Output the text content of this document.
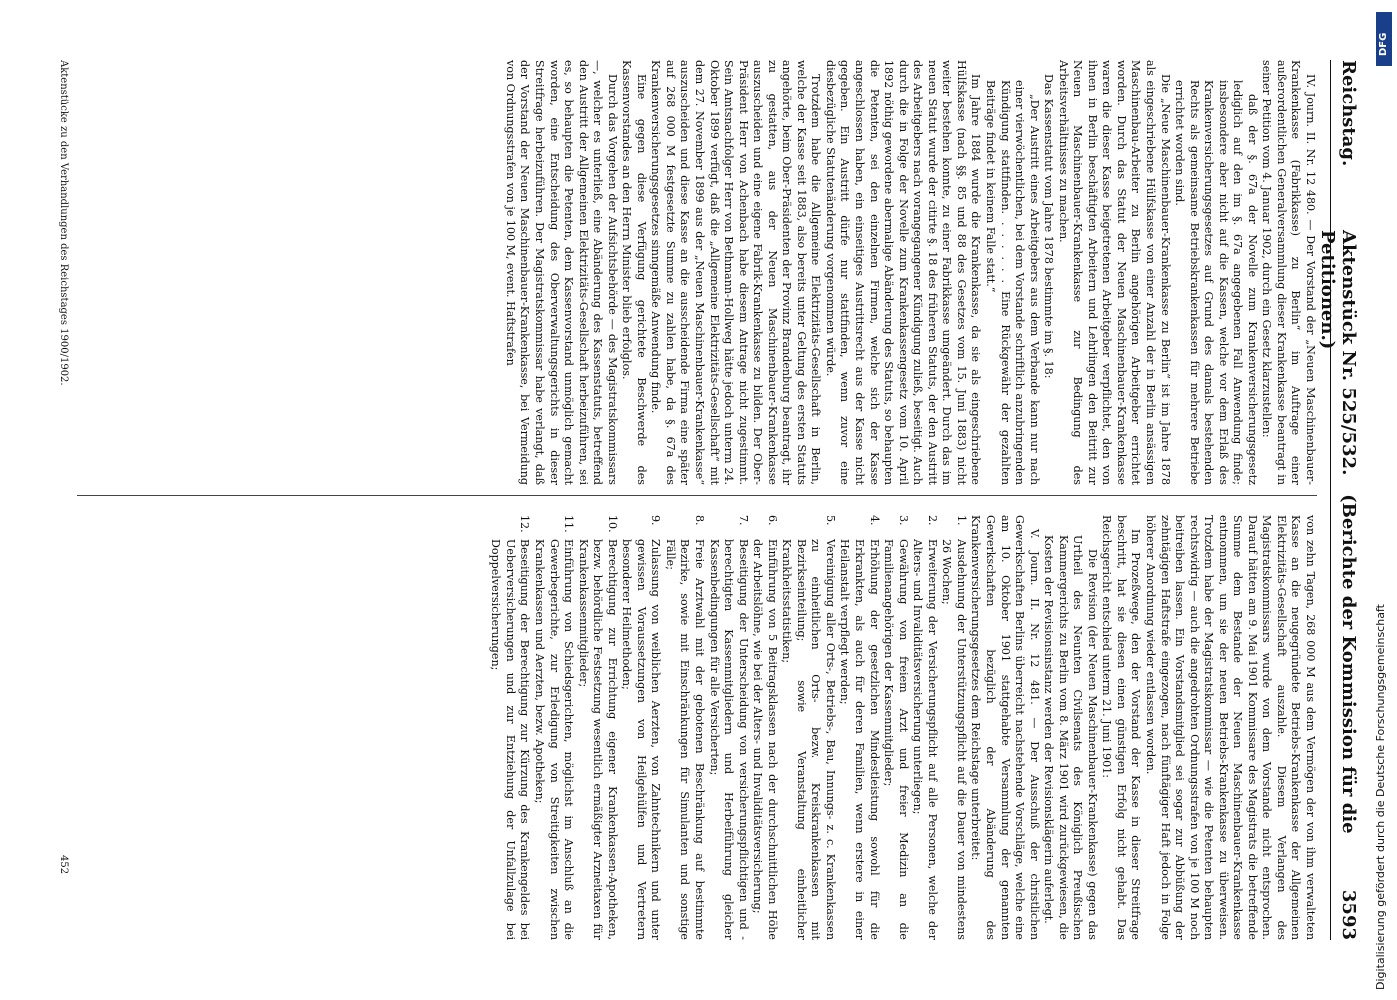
Reichstag.
Aktenstück Nr. 525/532.   (Berichte der Kommission für die Petitionen.)
3593

IV. Journ. II. Nr. 12 480. — Der Vorstand der „Neuen Maschinenbauer-Krankenkasse (Fabrikkasse) zu Berlin“ im Auftrage einer außerordentlichen Generalversammlung dieser Krankenkasse beantragt in seiner Petition vom 4. Januar 1902, durch ein Gesetz klarzustellen:

daß der §. 67a der Novelle zum Krankenversicherungsgesetz lediglich auf den im §. 67a angegebenen Fall Anwendung finde; insbesondere aber nicht auf die Kassen, welche vor dem Erlaß des Krankenversicherungsgesetzes auf Grund des damals bestehenden Rechts als gemeinsame Betriebskrankenkassen für mehrere Betriebe errichtet worden sind.

Die „Neue Maschinenbauer-Krankenkasse zu Berlin“ ist im Jahre 1878 als eingeschriebene Hülfskasse von einer Anzahl der in Berlin ansässigen Maschinenbau-Arbeiter zu Berlin angehörigen Arbeitgeber errichtet worden. Durch das Statut der Neuen Maschinenbauer-Krankenkasse waren die dieser Kasse beigetretenen Arbeitgeber verpflichtet, den von ihnen in Berlin beschäftigten Arbeitern und Lehrlingen den Beitritt zur Neuen Maschinenbauer-Krankenkasse zur Bedingung des Arbeitsverhältnisses zu machen.

Das Kassenstatut vom Jahre 1878 bestimmte im §. 18:

„Der Austritt eines Arbeitgebers aus dem Verbande kann nur nach einer vierwöchentlichen, bei dem Vorstande schriftlich anzubringenden Kündigung stattfinden. . . . . . . Eine Rückgewähr der gezahlten Beiträge findet in keinem Falle statt.“

Im Jahre 1884 wurde die Krankenkasse, da sie als eingeschriebene Hülfskasse (nach §§. 85 und 88 des Gesetzes vom 15. Juni 1883) nicht weiter bestehen konnte, zu einer Fabrikkasse umgeändert. Durch das im neuen Statut wurde der citirte §. 18 des früheren Statuts, der den Austritt des Arbeitgebers nach vorangegangener Kündigung zuließ, beseitigt. Auch durch die in Folge der Novelle zum Krankenkassengesetz vom 10. April 1892 nöthig gewordene abermalige Abänderung des Statuts, so behaupten die Petenten, sei den einzelnen Firmen, welche sich der Kasse angeschlossen haben, ein einseitiges Austrittsrecht aus der Kasse nicht gegeben. Ein Austritt dürfe nur stattfinden, wenn zuvor eine diesbezügliche Statutenänderung vorgenommen würde.

Trotzdem habe die Allgemeine Elektrizitäts-Gesellschaft in Berlin, welche der Kasse seit 1883, also bereits unter Geltung des ersten Statuts angehörte, beim Ober-Präsidenten der Provinz Brandenburg beantragt, ihr zu gestatten, aus der Neuen Maschinenbauer-Krankenkasse auszuscheiden und eine eigene Fabrik-Krankenkasse zu bilden. Der Ober-Präsident Herr von Achenbach habe diesem Antrage nicht zugestimmt. Sein Amtsnachfolger Herr von Bethmann-Hollweg hätte jedoch unterm 24. Oktober 1899 verfügt, daß die „Allgemeine Elektrizitäts-Gesellschaft“ mit dem 27. November 1899 aus der „Neuen Maschinenbauer-Krankenkasse“ auszuscheiden und diese Kasse an die ausscheidende Firma eine später auf 268 000 M festgesetzte Summe zu zahlen habe, da §. 67a des Krankenversicherungsgesetzes sinngemäße Anwendung finde.

Eine gegen diese Verfügung gerichtete Beschwerde des Kassenvorstandes an den Herrn Minister blieb erfolglos.

Durch das Vorgehen der Aufsichtsbehörde — des Magistratskommissars —, welcher es unterließ, eine Abänderung des Kassenstatuts, betreffend den Austritt der Allgemeinen Elektrizitäts-Gesellschaft herbeizuführen, sei es, so behaupten die Petenten, dem Kassenvorstand unmöglich gemacht worden, eine Entscheidung des Oberverwaltungsgerichts in dieser Streitfrage herbeizuführen. Der Magistratskommissar habe verlangt, daß der Vorstand der Neuen Maschinenbauer-Krankenkasse, bei Vermeidung von Ordnungsstrafen von je 100 M, event. Haftstrafen

von zehn Tagen, 268 000 M aus dem Vermögen der von ihm verwalteten Kasse an die neugegründete Betriebs-Krankenkasse der Allgemeinen Elektrizitäts-Gesellschaft auszahle. Diesem Verlangen des Magistratskommissars wurde von dem Vorstande nicht entsprochen. Darauf hätten am 9. Mai 1901 Kommissare des Magistrats die betreffende Summe dem Bestande der Neuen Maschinenbauer-Krankenkasse entnommen, um sie der neuen Betriebs-Krankenkasse zu überweisen. Trotzdem habe der Magistratskommissar — wie die Petenten behaupten rechtswidrig — auch die angedrohten Ordnungsstrafen von je 100 M noch beitreiben lassen. Ein Vorstandsmitglied sei sogar zur Abbüßung der zehntägigen Haftstrafe eingezogen, nach fünftägiger Haft jedoch in Folge höherer Anordnung wieder entlassen worden.

Im Prozeßwege, den der Vorstand der Kasse in dieser Streitfrage beschritt, hat sie diesen einen günstigen Erfolg nicht gehabt. Das Reichsgericht entschied unterm 21. Juni 1901:

Die Revision (der Neuen Maschinenbauer-Krankenkasse) gegen das Urtheil des Neunten Civilsenats des Königlich Preußischen Kammergerichts zu Berlin vom 8. März 1901 wird zurückgewiesen, die Kosten der Revisionsinstanz werden der Revisionsklägerin auferlegt.

V. Journ. II. Nr. 12 481. — Der Ausschuß der christlichen Gewerkschaften Berlins überreicht nachstehende Vorschläge, welche eine am 10. Oktober 1901 stattgehabte Versammlung der genannten Gewerkschaften bezüglich der Abänderung des Krankenversicherungsgesetzes dem Reichstage unterbreitet:

1.
Ausdehnung der Unterstützungspflicht auf die Dauer von mindestens 26 Wochen;
2.
Erweiterung der Versicherungspflicht auf alle Personen, welche der Alters- und Invaliditätsversicherung unterliegen;
3.
Gewährung von freiem Arzt und freier Medizin an die Familienangehörigen der Kassenmitglieder;
4.
Erhöhung der gesetzlichen Mindestleistung sowohl für die Erkrankten, als auch für deren Familien, wenn erstere in einer Heilanstalt verpflegt werden;
5.
Vereinigung aller Orts-, Betriebs-, Bau, Innungs- z. c. Krankenkassen zu einheitlichen Orts- bezw. Kreiskrankenkassen mit Bezirkseinteilung; sowie Veranstaltung einheitlicher Krankheitsstatistiken;
6.
Einführung von 5 Beitragsklassen nach der durchschnittlichen Höhe der Arbeitslöhne, wie bei der Alters- und Invaliditätsversicherung;
7.
Beseitigung der Unterscheidung von versicherungspflichtigen und -berechtigten Kassenmitgliedern und Herbeiführung gleicher Kassenbedingungen für alle Versicherten;
8.
Freie Arztwahl mit der gebotenen Beschränkung auf bestimmte Bezirke, sowie mit Einschränkungen für Simulanten und sonstige Fälle;
9.
Zulassung von weiblichen Aerzten, von Zahntechnikern und unter gewissen Voraussetzungen von Heilgehülfen und Vertretern besonderer Heilmethoden;
10.
Berechtigung zur Errichtung eigener Krankenkassen-Apotheken, bezw. behördliche Festsetzung wesentlich ermäßigter Arzneitaxen für Krankenkassenmitglieder;
11.
Einführung von Schiedsgerichten, möglichst im Anschluß an die Gewerbegerichte, zur Erledigung von Streitigkeiten zwischen Krankenkassen und Aerzten, bezw. Apotheken;
12.
Beseitigung der Berechtigung zur Kürzung des Krankengeldes bei Ueberversicherungen und zur Entziehung der Unfallzulage bei Doppelversicherungen;
Aktenstücke zu den Verhandlungen des Reichstages 1900/1902.
452	Digitalisierung gefördert durch die Deutsche Forschungsgemeinschaft
DFG
